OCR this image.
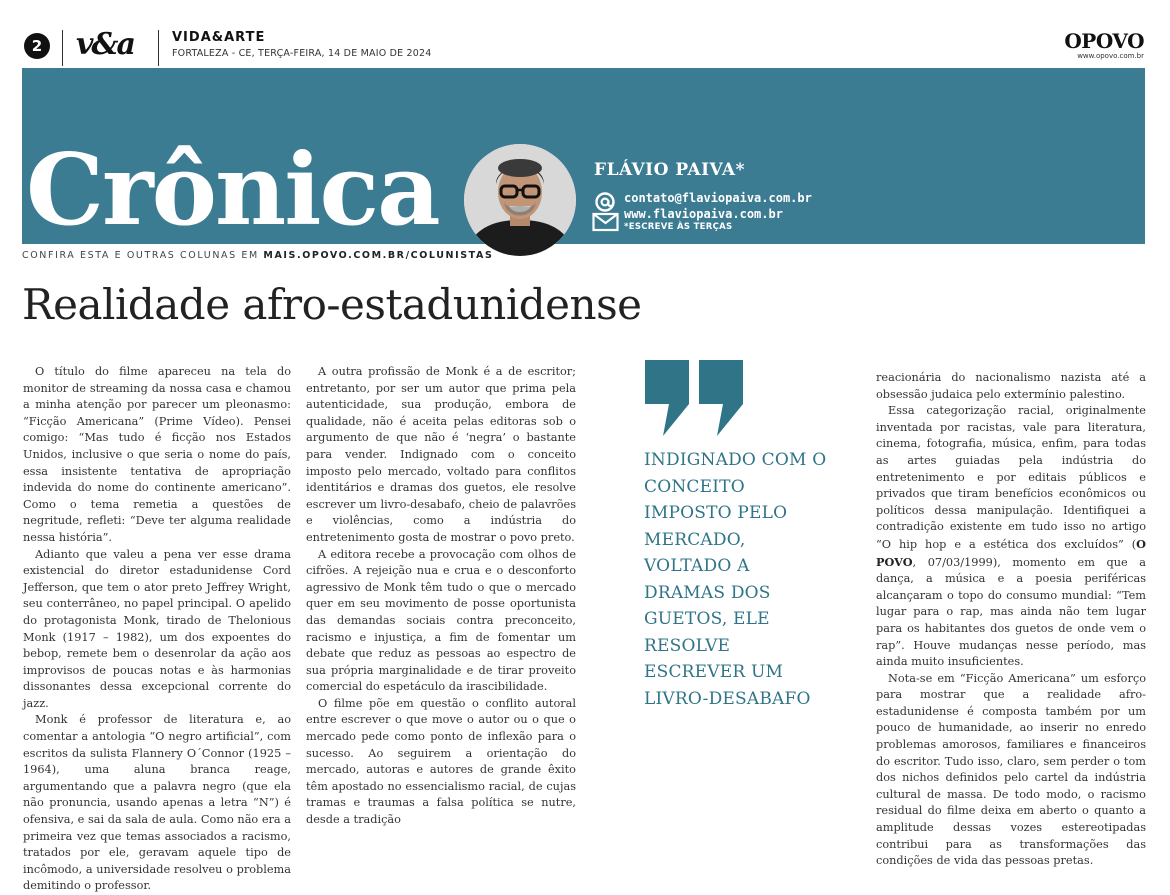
2 v&a	VIDA&ARTE
FORTALEZA - CE, TERÇA-FEIRA, 14 DE MAIO DE 2024
OPOVO
www.opovo.com.br
Crônica	FLÁVIO PAIVA*
contato@flaviopaiva.com.br
www.flaviopaiva.com.br
*ESCREVE ÀS TERÇAS
CONFIRA ESTA E OUTRAS COLUNAS EM MAIS.OPOVO.COM.BR/COLUNISTAS
Realidade afro-estadunidense

O título do filme apareceu na tela do monitor de streaming da nossa casa e chamou a minha atenção por parecer um pleonasmo: “Ficção Americana” (Prime Vídeo). Pensei comigo: “Mas tudo é ficção nos Estados Unidos, inclusive o que seria o nome do país, essa insistente tentativa de apropriação indevida do nome do continente americano”. Como o tema remetia a questões de negritude, refleti: “Deve ter alguma realidade nessa história”.

Adianto que valeu a pena ver esse drama existencial do diretor estadunidense Cord Jefferson, que tem o ator preto Jeffrey Wright, seu conterrâneo, no papel principal. O apelido do protagonista Monk, tirado de Thelonious Monk (1917 – 1982), um dos expoentes do bebop, remete bem o desenrolar da ação aos improvisos de poucas notas e às harmonias dissonantes dessa excepcional corrente do jazz.

Monk é professor de literatura e, ao comentar a antologia “O negro artificial”, com escritos da sulista Flannery O´Connor (1925 – 1964), uma aluna branca reage, argumentando que a palavra negro (que ela não pronuncia, usando apenas a letra “N”) é ofensiva, e sai da sala de aula. Como não era a primeira vez que temas associados a racismo, tratados por ele, geravam aquele tipo de incômodo, a universidade resolveu o problema demitindo o professor.

A outra profissão de Monk é a de escritor; entretanto, por ser um autor que prima pela autenticidade, sua produção, embora de qualidade, não é aceita pelas editoras sob o argumento de que não é ‘negra’ o bastante para vender. Indignado com o conceito imposto pelo mercado, voltado para conflitos identitários e dramas dos guetos, ele resolve escrever um livro-desabafo, cheio de palavrões e violências, como a indústria do entretenimento gosta de mostrar o povo preto.

A editora recebe a provocação com olhos de cifrões. A rejeição nua e crua e o desconforto agressivo de Monk têm tudo o que o mercado quer em seu movimento de posse oportunista das demandas sociais contra preconceito, racismo e injustiça, a fim de fomentar um debate que reduz as pessoas ao espectro de sua própria marginalidade e de tirar proveito comercial do espetáculo da irascibilidade.

O filme põe em questão o conflito autoral entre escrever o que move o autor ou o que o mercado pede como ponto de inflexão para o sucesso. Ao seguirem a orientação do mercado, autoras e autores de grande êxito têm apostado no essencialismo racial, de cujas tramas e traumas a falsa política se nutre, desde a tradição

INDIGNADO COM O CONCEITO IMPOSTO PELO MERCADO, VOLTADO A DRAMAS DOS GUETOS, ELE RESOLVE ESCREVER UM LIVRO-DESABAFO

reacionária do nacionalismo nazista até a obsessão judaica pelo extermínio palestino.

Essa categorização racial, originalmente inventada por racistas, vale para literatura, cinema, fotografia, música, enfim, para todas as artes guiadas pela indústria do entretenimento e por editais públicos e privados que tiram benefícios econômicos ou políticos dessa manipulação. Identifiquei a contradição existente em tudo isso no artigo “O hip hop e a estética dos excluídos” (O POVO, 07/03/1999), momento em que a dança, a música e a poesia periféricas alcançaram o topo do consumo mundial: “Tem lugar para o rap, mas ainda não tem lugar para os habitantes dos guetos de onde vem o rap”. Houve mudanças nesse período, mas ainda muito insuficientes.

Nota-se em “Ficção Americana” um esforço para mostrar que a realidade afro-estadunidense é composta também por um pouco de humanidade, ao inserir no enredo problemas amorosos, familiares e financeiros do escritor. Tudo isso, claro, sem perder o tom dos nichos definidos pelo cartel da indústria cultural de massa. De todo modo, o racismo residual do filme deixa em aberto o quanto a amplitude dessas vozes estereotipadas contribui para as transformações das condições de vida das pessoas pretas.
